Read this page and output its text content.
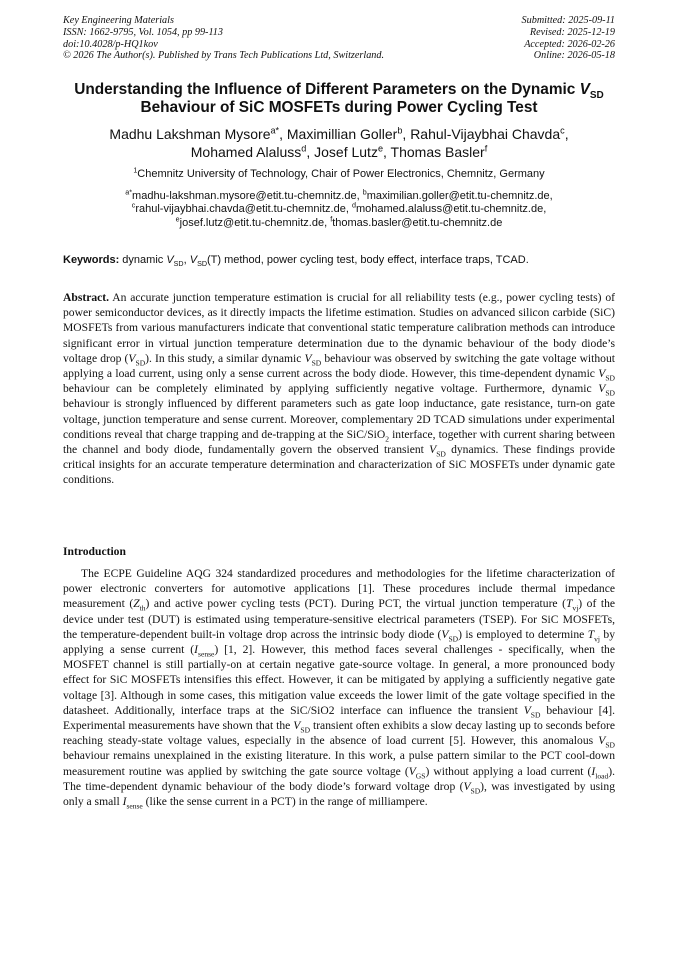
Key Engineering Materials
ISSN: 1662-9795, Vol. 1054, pp 99-113
doi:10.4028/p-HQ1kov
© 2026 The Author(s). Published by Trans Tech Publications Ltd, Switzerland.
Submitted: 2025-09-11
Revised: 2025-12-19
Accepted: 2026-02-26
Online: 2026-05-18
Understanding the Influence of Different Parameters on the Dynamic $V_{SD}$
Behaviour of SiC MOSFETs during Power Cycling Test
Madhu Lakshman Mysore$^{a*}$, Maximillian Goller$^b$, Rahul-Vijaybhai Chavda$^c$,
Mohamed Alaluss$^d$, Josef Lutz$^e$, Thomas Basler$^f$
$^1$Chemnitz University of Technology, Chair of Power Electronics, Chemnitz, Germany
$^{a*}$madhu-lakshman.mysore@etit.tu-chemnitz.de, $^b$maximilian.goller@etit.tu-chemnitz.de,
$^c$rahul-vijaybhai.chavda@etit.tu-chemnitz.de, $^d$mohamed.alaluss@etit.tu-chemnitz.de,
$^e$josef.lutz@etit.tu-chemnitz.de, $^f$thomas.basler@etit.tu-chemnitz.de
Keywords: dynamic $V_{SD}$, $V_{SD}(T)$ method, power cycling test, body effect, interface traps, TCAD.
Abstract. An accurate junction temperature estimation is crucial for all reliability tests (e.g., power cycling tests) of power semiconductor devices, as it directly impacts the lifetime estimation. Studies on advanced silicon carbide (SiC) MOSFETs from various manufacturers indicate that conventional static temperature calibration methods can introduce significant error in virtual junction temperature determination due to the dynamic behaviour of the body diode’s voltage drop $(V_{SD})$. In this study, a similar dynamic $V_{SD}$ behaviour was observed by switching the gate voltage without applying a load current, using only a sense current across the body diode. However, this time-dependent dynamic $V_{SD}$ behaviour can be completely eliminated by applying sufficiently negative voltage. Furthermore, dynamic $V_{SD}$ behaviour is strongly influenced by different parameters such as gate loop inductance, gate resistance, turn-on gate voltage, junction temperature and sense current. Moreover, complementary 2D TCAD simulations under experimental conditions reveal that charge trapping and de-trapping at the SiC/SiO$_2$ interface, together with current sharing between the channel and body diode, fundamentally govern the observed transient $V_{SD}$ dynamics. These findings provide critical insights for an accurate temperature determination and characterization of SiC MOSFETs under dynamic gate conditions.
Introduction
The ECPE Guideline AQG 324 standardized procedures and methodologies for the lifetime characterization of power electronic converters for automotive applications [1]. These procedures include thermal impedance measurement $(Z_{th})$ and active power cycling tests (PCT). During PCT, the virtual junction temperature $(T_{vj})$ of the device under test (DUT) is estimated using temperature-sensitive electrical parameters (TSEP). For SiC MOSFETs, the temperature-dependent built-in voltage drop across the intrinsic body diode $(V_{SD})$ is employed to determine $T_{vj}$ by applying a sense current $(I_{sense})$ [1, 2]. However, this method faces several challenges - specifically, when the MOSFET channel is still partially-on at certain negative gate-source voltage. In general, a more pronounced body effect for SiC MOSFETs intensifies this effect. However, it can be mitigated by applying a sufficiently negative gate voltage [3]. Although in some cases, this mitigation value exceeds the lower limit of the gate voltage specified in the datasheet. Additionally, interface traps at the SiC/SiO2 interface can influence the transient $V_{SD}$ behaviour [4]. Experimental measurements have shown that the $V_{SD}$ transient often exhibits a slow decay lasting up to seconds before reaching steady-state voltage values, especially in the absence of load current [5]. However, this anomalous $V_{SD}$ behaviour remains unexplained in the existing literature. In this work, a pulse pattern similar to the PCT cool-down measurement routine was applied by switching the gate source voltage $(V_{GS})$ without applying a load current $(I_{load})$. The time-dependent dynamic behaviour of the body diode’s forward voltage drop $(V_{SD})$, was investigated by using only a small $I_{sense}$ (like the sense current in a PCT) in the range of milliampere.
